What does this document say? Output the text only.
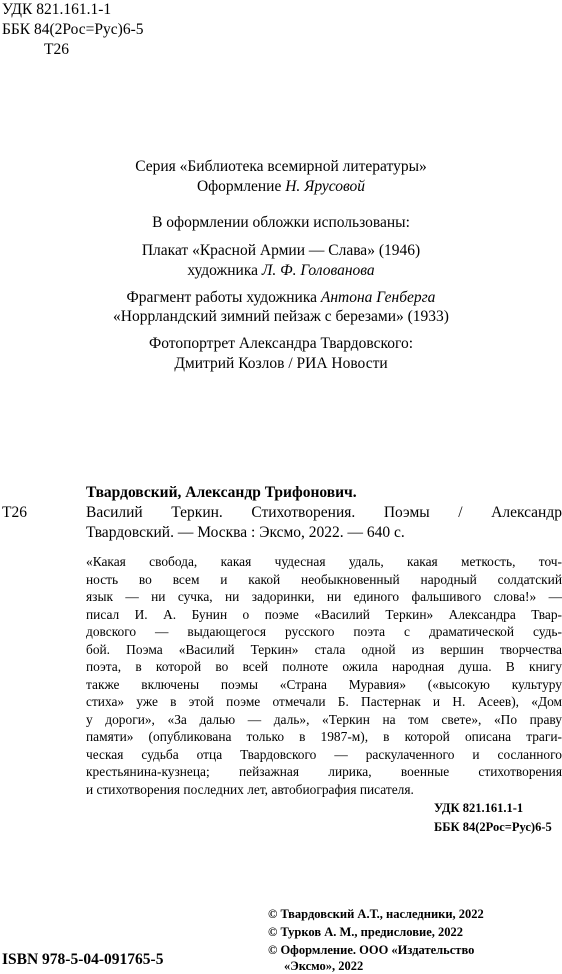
УДК 821.161.1-1
ББК 84(2Рос=Рус)6-5
Т26
Серия «Библиотека всемирной литературы»
Оформление Н. Ярусовой
В оформлении обложки использованы:
Плакат «Красной Армии — Слава» (1946)
художника Л. Ф. Голованова
Фрагмент работы художника Антона Генберга
«Норрландский зимний пейзаж с березами» (1933)
Фотопортрет Александра Твардовского:
Дмитрий Козлов / РИА Новости
Твардовский, Александр Трифонович.
Т26	Василий Теркин. Стихотворения. Поэмы / Александр
Твардовский. — Москва : Эксмо, 2022. — 640 с.
«Какая свобода, какая чудесная удаль, какая меткость, точ-
ность во всем и какой необыкновенный народный солдатский
язык — ни сучка, ни задоринки, ни единого фальшивого слова!» —
писал И. А. Бунин о поэме «Василий Теркин» Александра Твар-
довского — выдающегося русского поэта с драматической судь-
бой. Поэма «Василий Теркин» стала одной из вершин творчества
поэта, в которой во всей полноте ожила народная душа. В книгу
также включены поэмы «Страна Муравия» («высокую культуру
стиха» уже в этой поэме отмечали Б. Пастернак и Н. Асеев), «Дом
у дороги», «За далью — даль», «Теркин на том свете», «По праву
памяти» (опубликована только в 1987-м), в которой описана траги-
ческая судьба отца Твардовского — раскулаченного и сосланного
крестьянина-кузнеца; пейзажная лирика, военные стихотворения
и стихотворения последних лет, автобиография писателя.
УДК 821.161.1-1
ББК 84(2Рос=Рус)6-5
© Твардовский А.Т., наследники, 2022
© Турков А. М., предисловие, 2022
© Оформление. ООО «Издательство
«Эксмо», 2022
ISBN 978-5-04-091765-5
